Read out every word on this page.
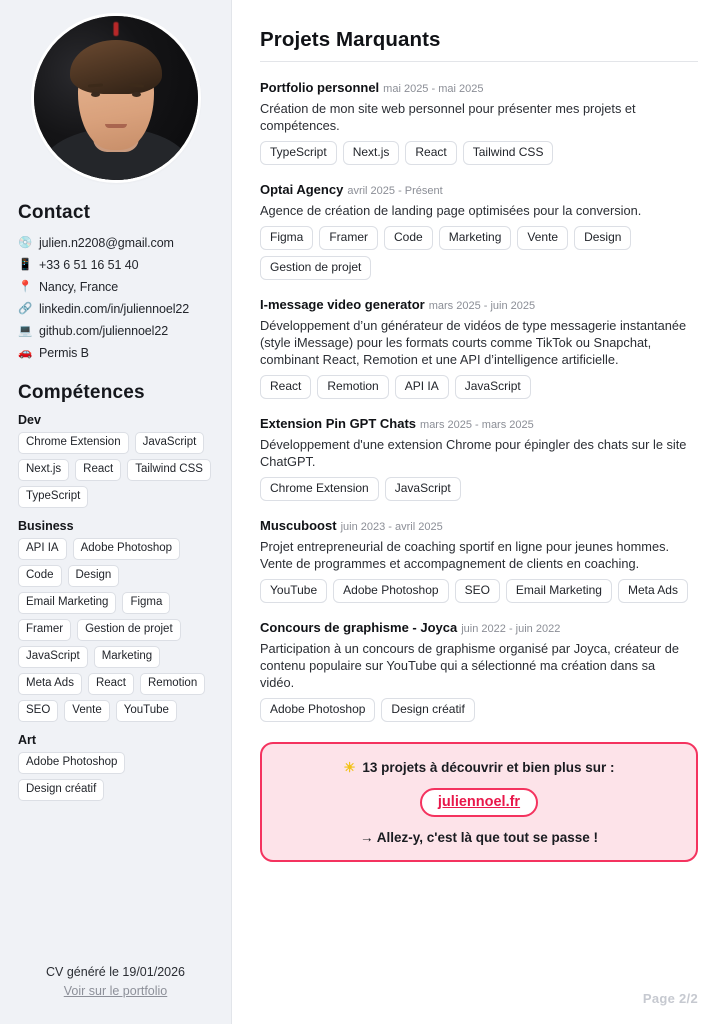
Contact
💿 julien.n2208@gmail.com
📱 +33 6 51 16 51 40
📍 Nancy, France
🔗 linkedin.com/in/juliennoel22
💻 github.com/juliennoel22
🚗 Permis B
Compétences
Dev
Chrome Extension	JavaScript
Next.js	React	Tailwind CSS
TypeScript
Business
API IA	Adobe Photoshop
Code	Design
Email Marketing	Figma
Framer	Gestion de projet
JavaScript	Marketing
Meta Ads	React	Remotion
SEO	Vente	YouTube
Art
Adobe Photoshop
Design créatif
CV généré le 19/01/2026
Voir sur le portfolio
Projets Marquants
Portfolio personnel mai 2025 - mai 2025

Création de mon site web personnel pour présenter mes projets et compétences.

TypeScript	Next.js	React	Tailwind CSS
Optai Agency avril 2025 - Présent

Agence de création de landing page optimisées pour la conversion.

Figma	Framer	Code	Marketing	Vente	Design
Gestion de projet
I-message video generator mars 2025 - juin 2025

Développement d’un générateur de vidéos de type messagerie instantanée (style iMessage) pour les formats courts comme TikTok ou Snapchat, combinant React, Remotion et une API d’intelligence artificielle.

React	Remotion	API IA	JavaScript
Extension Pin GPT Chats mars 2025 - mars 2025

Développement d'une extension Chrome pour épingler des chats sur le site ChatGPT.

Chrome Extension	JavaScript
Muscuboost juin 2023 - avril 2025

Projet entrepreneurial de coaching sportif en ligne pour jeunes hommes. Vente de programmes et accompagnement de clients en coaching.

YouTube	Adobe Photoshop	SEO	Email Marketing	Meta Ads
Concours de graphisme - Joyca juin 2022 - juin 2022

Participation à un concours de graphisme organisé par Joyca, créateur de contenu populaire sur YouTube qui a sélectionné ma création dans sa vidéo.

Adobe Photoshop	Design créatif
☀ 13 projets à découvrir et bien plus sur :
juliennoel.fr
→ Allez-y, c'est là que tout se passe !
Page 2/2
